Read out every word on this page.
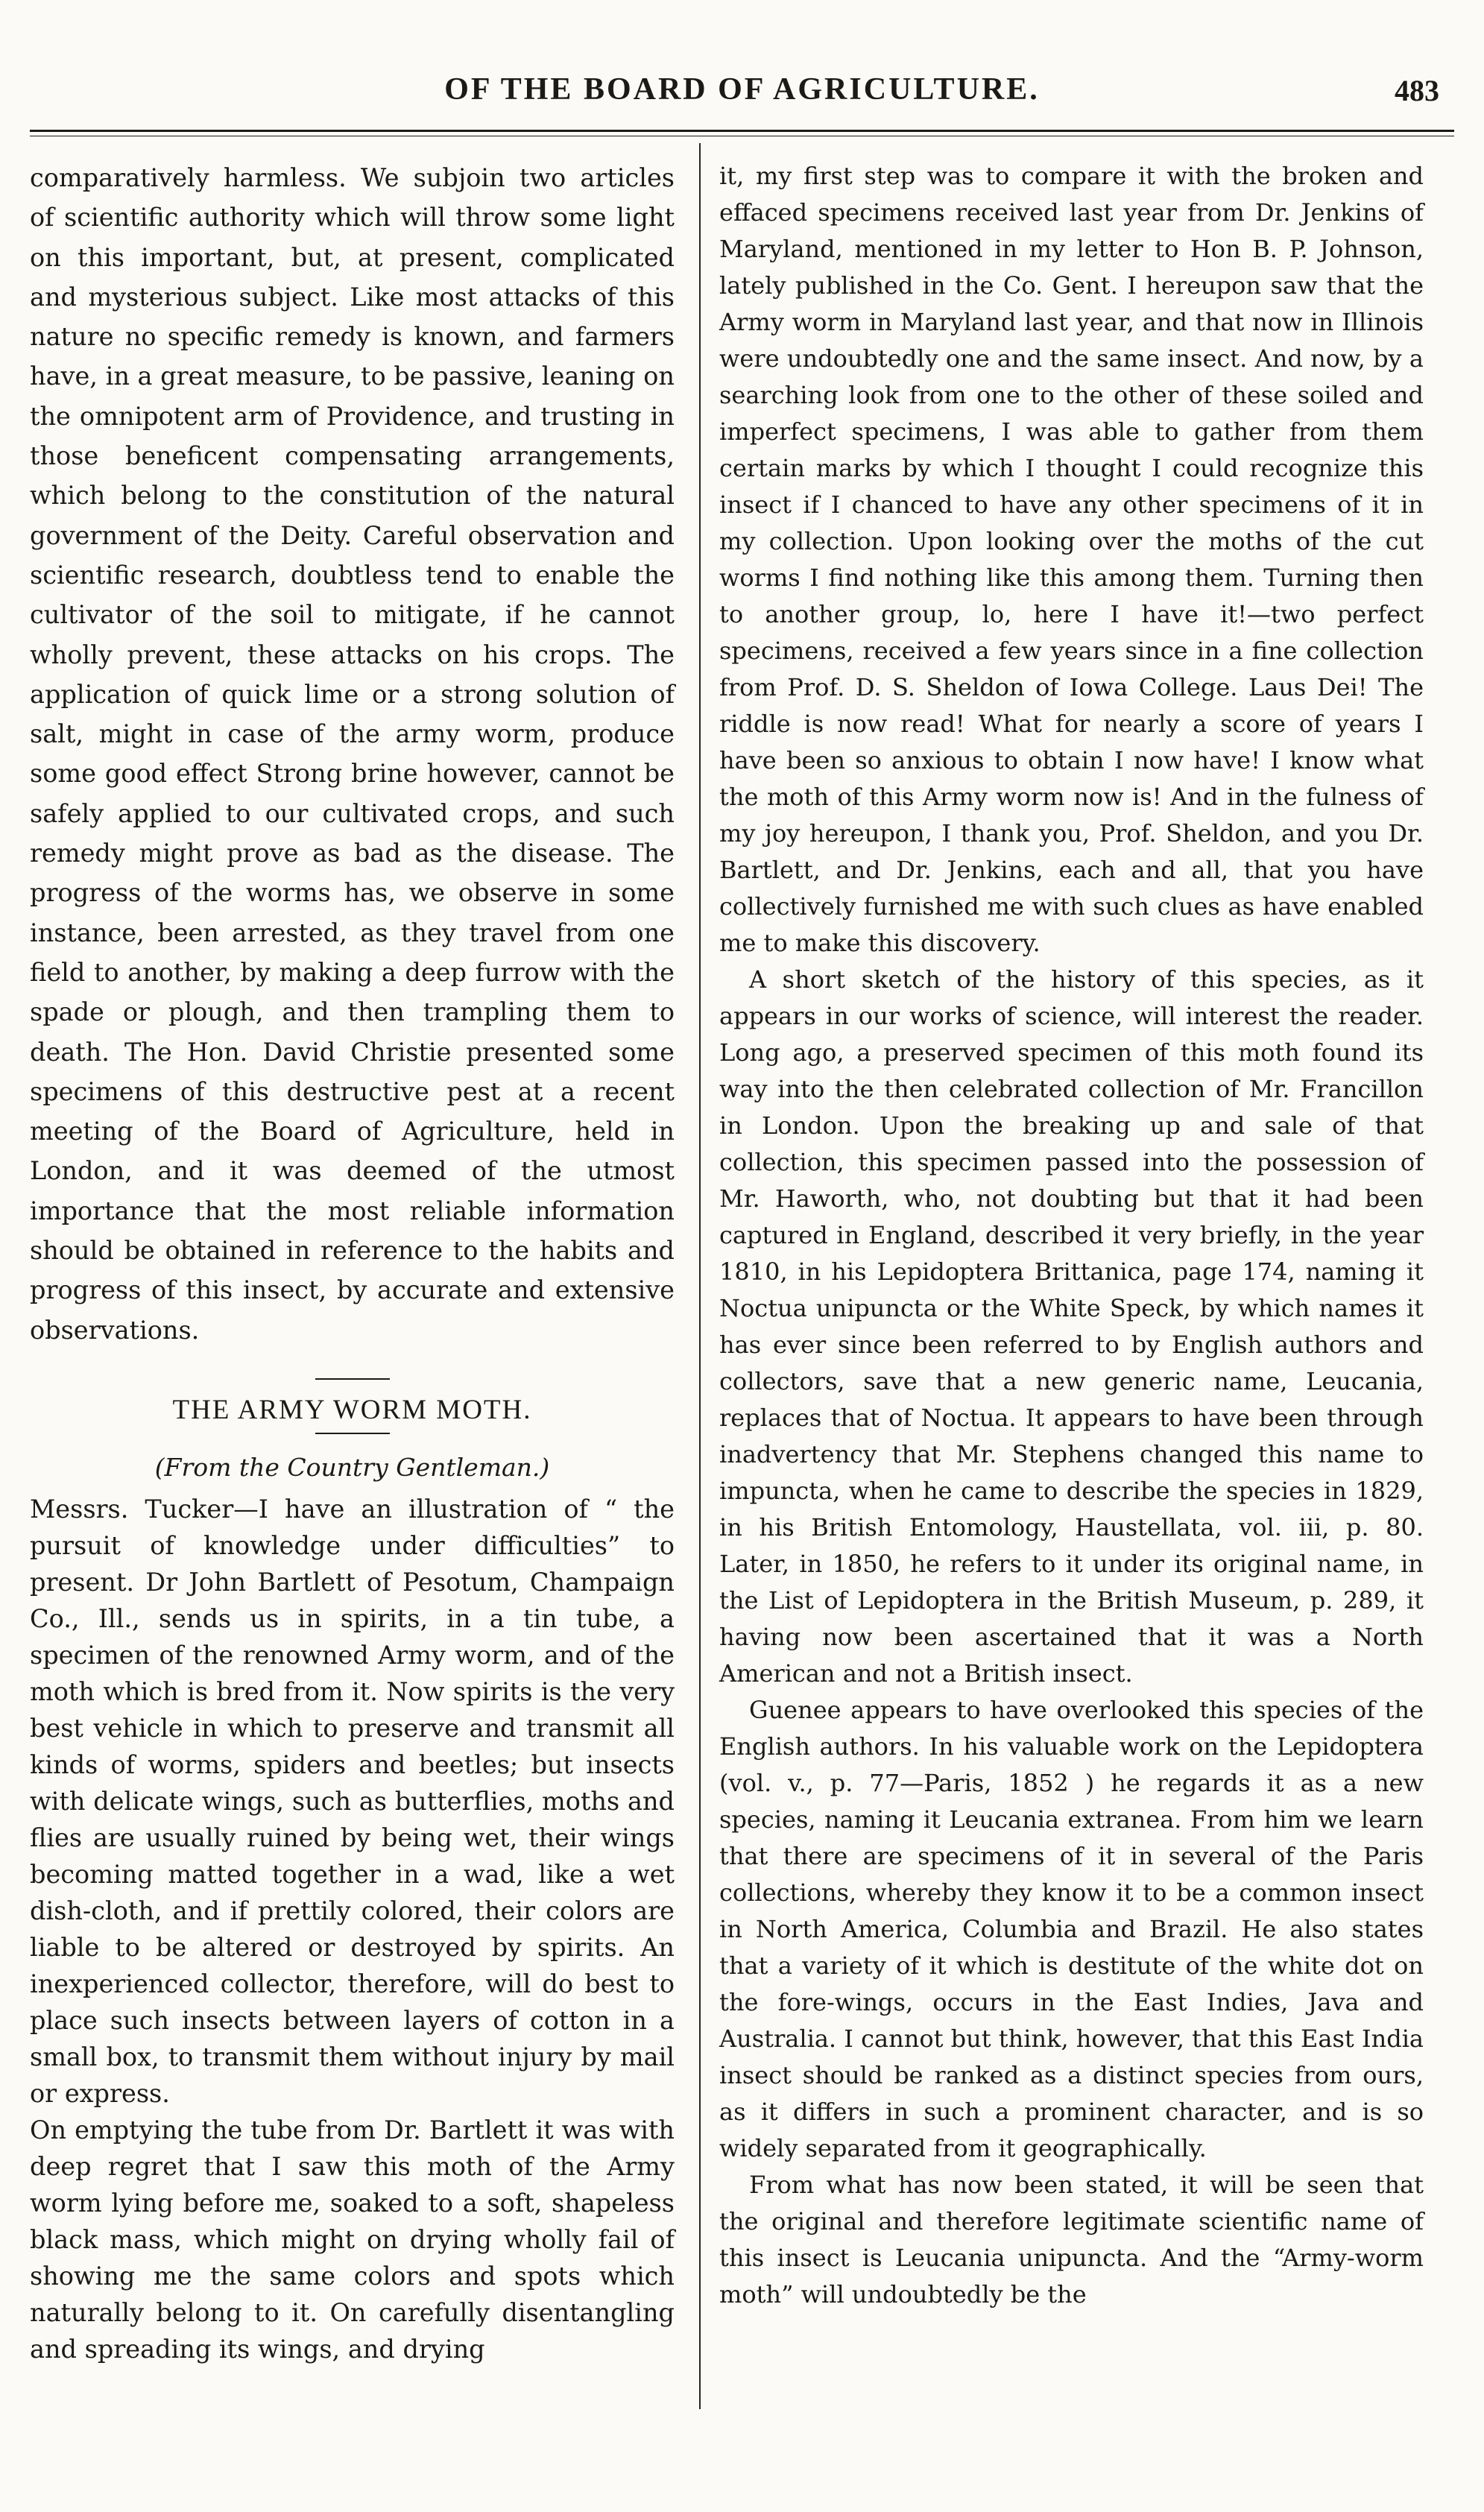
OF THE BOARD OF AGRICULTURE.	483

comparatively harmless. We subjoin two articles of scientific authority which will throw some light on this important, but, at present, complicated and mysterious subject. Like most attacks of this nature no specific remedy is known, and farmers have, in a great measure, to be passive, leaning on the omnipotent arm of Providence, and trusting in those beneficent compensating arrangements, which belong to the constitution of the natural government of the Deity. Careful observation and scientific research, doubtless tend to enable the cultivator of the soil to mitigate, if he cannot wholly prevent, these attacks on his crops. The application of quick lime or a strong solution of salt, might in case of the army worm, produce some good effect Strong brine however, cannot be safely applied to our cultivated crops, and such remedy might prove as bad as the disease. The progress of the worms has, we observe in some instance, been arrested, as they travel from one field to another, by making a deep furrow with the spade or plough, and then trampling them to death. The Hon. David Christie presented some specimens of this destructive pest at a recent meeting of the Board of Agriculture, held in London, and it was deemed of the utmost importance that the most reliable information should be obtained in reference to the habits and progress of this insect, by accurate and extensive observations.

THE ARMY WORM MOTH.
(From the Country Gentleman.)

Messrs. Tucker—I have an illustration of “ the pursuit of knowledge under difficulties” to present. Dr John Bartlett of Pesotum, Champaign Co., Ill., sends us in spirits, in a tin tube, a specimen of the renowned Army worm, and of the moth which is bred from it. Now spirits is the very best vehicle in which to preserve and transmit all kinds of worms, spiders and beetles; but insects with delicate wings, such as butterflies, moths and flies are usually ruined by being wet, their wings becoming matted together in a wad, like a wet dish-cloth, and if prettily colored, their colors are liable to be altered or destroyed by spirits. An inexperienced collector, therefore, will do best to place such insects between layers of cotton in a small box, to transmit them without injury by mail or express.

On emptying the tube from Dr. Bartlett it was with deep regret that I saw this moth of the Army worm lying before me, soaked to a soft, shapeless black mass, which might on drying wholly fail of showing me the same colors and spots which naturally belong to it. On carefully disentangling and spreading its wings, and drying

it, my first step was to compare it with the broken and effaced specimens received last year from Dr. Jenkins of Maryland, mentioned in my letter to Hon B. P. Johnson, lately published in the Co. Gent. I hereupon saw that the Army worm in Maryland last year, and that now in Illinois were undoubtedly one and the same insect. And now, by a searching look from one to the other of these soiled and imperfect specimens, I was able to gather from them certain marks by which I thought I could recognize this insect if I chanced to have any other specimens of it in my collection. Upon looking over the moths of the cut worms I find nothing like this among them. Turning then to another group, lo, here I have it!—two perfect specimens, received a few years since in a fine collection from Prof. D. S. Sheldon of Iowa College. Laus Dei! The riddle is now read! What for nearly a score of years I have been so anxious to obtain I now have! I know what the moth of this Army worm now is! And in the fulness of my joy hereupon, I thank you, Prof. Sheldon, and you Dr. Bartlett, and Dr. Jenkins, each and all, that you have collectively furnished me with such clues as have enabled me to make this discovery.

A short sketch of the history of this species, as it appears in our works of science, will interest the reader. Long ago, a preserved specimen of this moth found its way into the then celebrated collection of Mr. Francillon in London. Upon the breaking up and sale of that collection, this specimen passed into the possession of Mr. Haworth, who, not doubting but that it had been captured in England, described it very briefly, in the year 1810, in his Lepidoptera Brittanica, page 174, naming it Noctua unipuncta or the White Speck, by which names it has ever since been referred to by English authors and collectors, save that a new generic name, Leucania, replaces that of Noctua. It appears to have been through inadvertency that Mr. Stephens changed this name to impuncta, when he came to describe the species in 1829, in his British Entomology, Haustellata, vol. iii, p. 80. Later, in 1850, he refers to it under its original name, in the List of Lepidoptera in the British Museum, p. 289, it having now been ascertained that it was a North American and not a British insect.

Guenee appears to have overlooked this species of the English authors. In his valuable work on the Lepidoptera (vol. v., p. 77—Paris, 1852 ) he regards it as a new species, naming it Leucania extranea. From him we learn that there are specimens of it in several of the Paris collections, whereby they know it to be a common insect in North America, Columbia and Brazil. He also states that a variety of it which is destitute of the white dot on the fore-wings, occurs in the East Indies, Java and Australia. I cannot but think, however, that this East India insect should be ranked as a distinct species from ours, as it differs in such a prominent character, and is so widely separated from it geographically.

From what has now been stated, it will be seen that the original and therefore legitimate scientific name of this insect is Leucania unipuncta. And the “Army-worm moth” will undoubtedly be the
